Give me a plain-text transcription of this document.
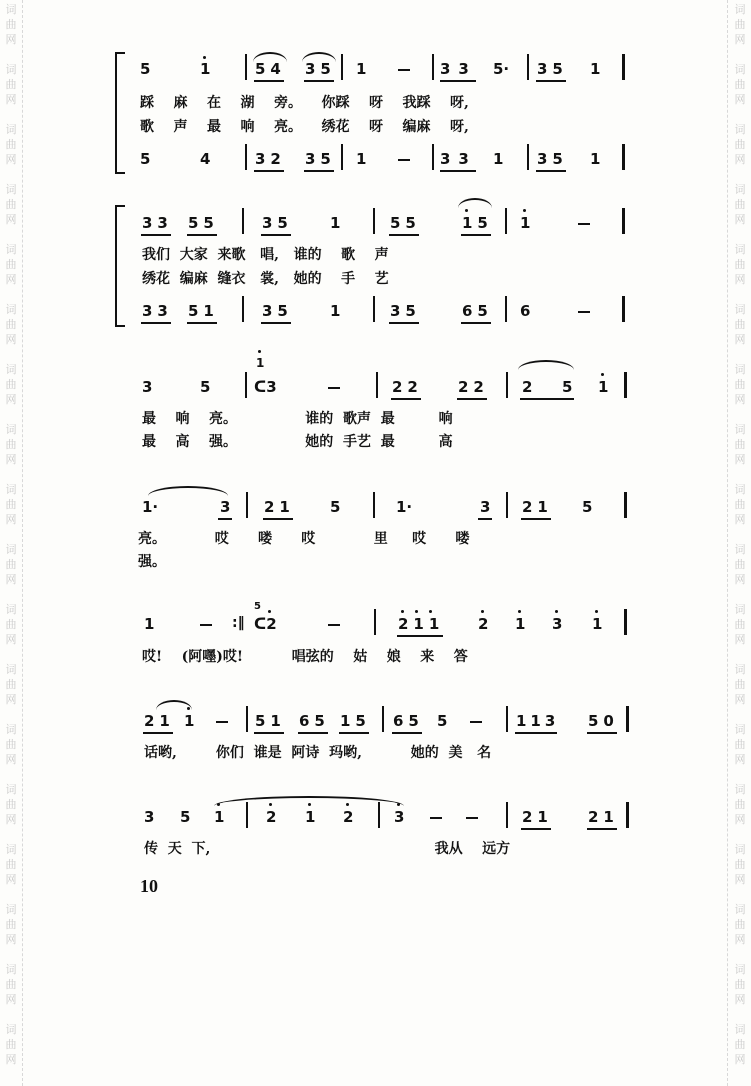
词
曲
网
词
曲
网
词
曲
网
词
曲
网
词
曲
网
词
曲
网
词
曲
网
词
曲
网
词
曲
网
词
曲
网
词
曲
网
词
曲
网
词
曲
网
词
曲
网
词
曲
网
词
曲
网
词
曲
网
词
曲
网
词
曲
网
词
曲
网
词
曲
网
词
曲
网
词
曲
网
词
曲
网
词
曲
网
词
曲
网
词
曲
网
词
曲
网
词
曲
网
词
曲
网
词
曲
网
词
曲
网
词
曲
网
词
曲
网
词
曲
网
词
曲
网
5	1	54 35 1	33 5· 35 1
踩    麻    在    湖    旁。    你踩    呀    我踩    呀,
歌    声    最    响    亮。    绣花    呀    编麻    呀,
5	4	32 35 1	33 1 35 1
33 55	35 1	55	15 1
我们  大家  来歌   唱,   谁的    歌    声
绣花  编麻  缝衣   裳,   她的    手    艺
33 51	35 1	35	65 6
3	5
1
ᑕ3	22 22 2 5 1
最    响    亮。              谁的  歌声  最         响
最    高    强。              她的  手艺  最         高
1·	3 21 5	1·	3 21 5
亮。          哎      喽      哎            里     哎      喽
强。
1	:‖
5
ᑕ2	211 2 1 3 1
哎!    (阿嚜)哎!          唱弦的    姑    娘    来    答
21 1	51 65 15 65 5	113 50
话哟,        你们  谁是  阿诗  玛哟,          她的  美   名
3 5 1	2 1 2	3	21 21
传  天  下,                                              我从    远方
10
